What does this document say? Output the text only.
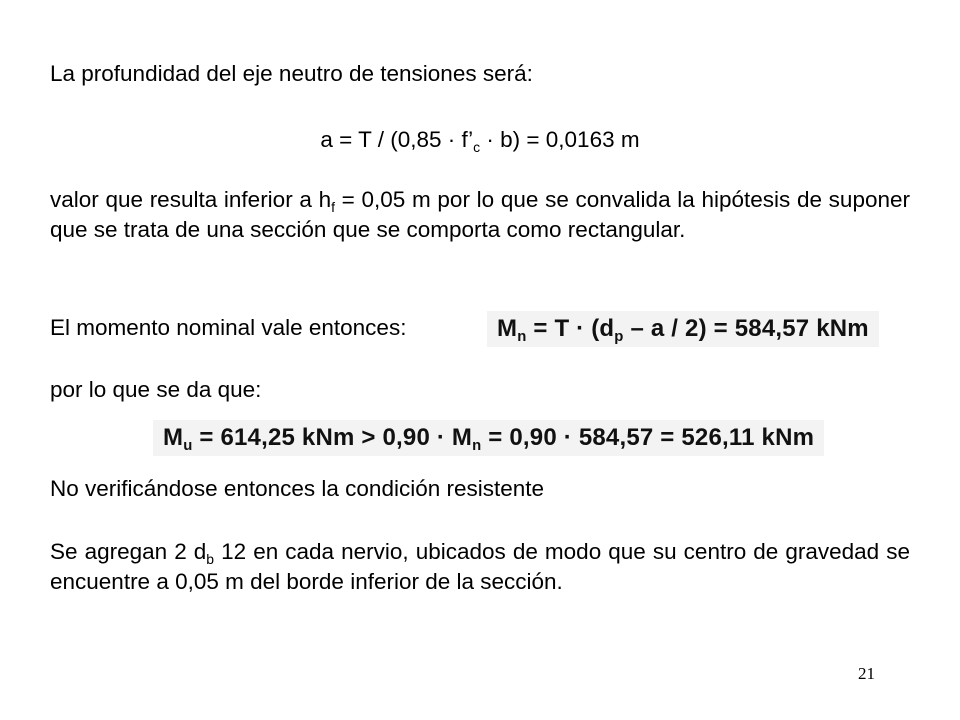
La profundidad del eje neutro de tensiones será:
$a = T / (0,85 \cdot f’_c \cdot b) = 0,0163$ m
valor que resulta inferior a $h_f = 0,05$ m por lo que se convalida la hipótesis de suponer que se trata de una sección que se comporta como rectangular.
El momento nominal vale entonces:	$M_n = T \cdot (d_p - a / 2) = 584,57$ kNm
por lo que se da que:
$M_u = 614,25$ kNm > $0,90 \cdot M_n = 0,90 \cdot 584,57 = 526,11$ kNm
No verificándose entonces la condición resistente
Se agregan 2 $d_b$ 12 en cada nervio, ubicados de modo que su centro de gravedad se encuentre a 0,05 m del borde inferior de la sección.
21
